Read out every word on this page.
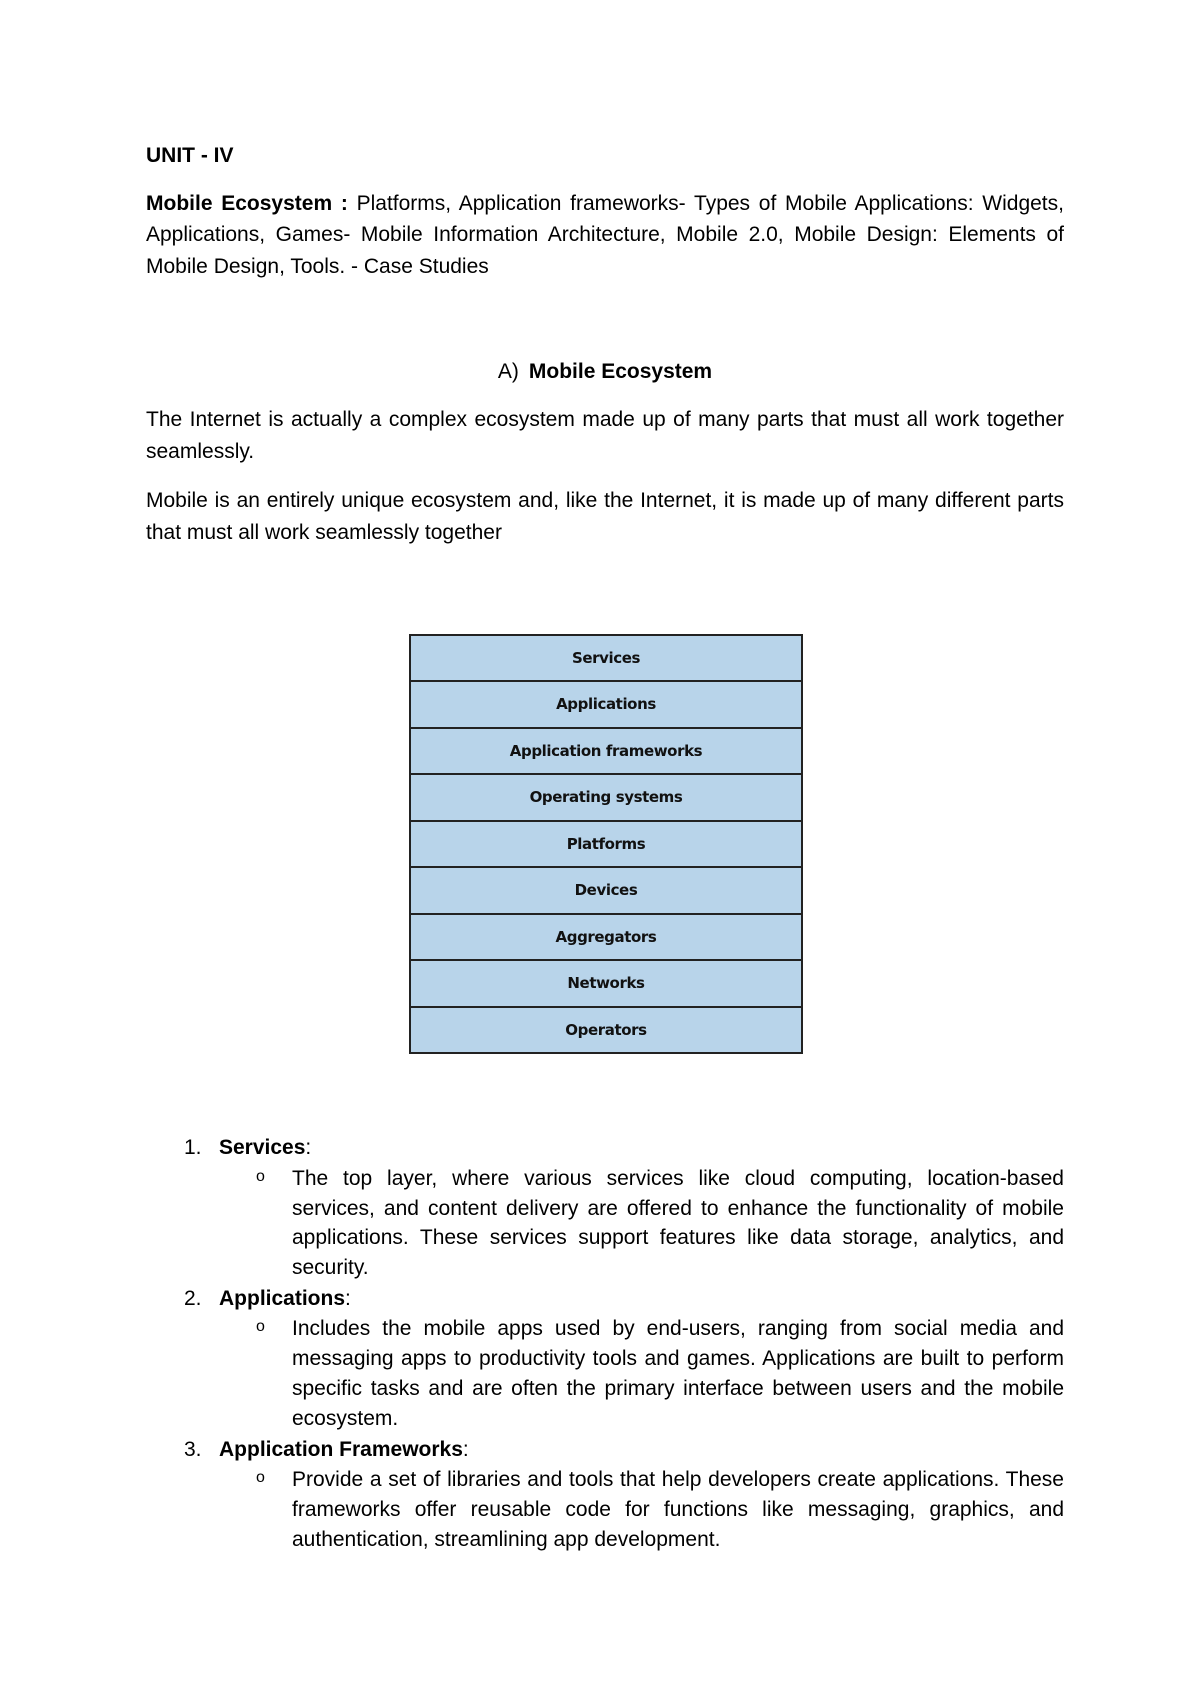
UNIT - IV

Mobile Ecosystem : Platforms, Application frameworks- Types of Mobile Applications: Widgets, Applications, Games- Mobile Information Architecture, Mobile 2.0, Mobile Design: Elements of Mobile Design, Tools. - Case Studies

A) Mobile Ecosystem

The Internet is actually a complex ecosystem made up of many parts that must all work together seamlessly.

Mobile is an entirely unique ecosystem and, like the Internet, it is made up of many different parts that must all work seamlessly together

Services
Applications
Application frameworks
Operating systems
Platforms
Devices
Aggregators
Networks
Operators
1. Services:
o The top layer, where various services like cloud computing, location-based services, and content delivery are offered to enhance the functionality of mobile applications. These services support features like data storage, analytics, and security.
2. Applications:
o Includes the mobile apps used by end-users, ranging from social media and messaging apps to productivity tools and games. Applications are built to perform specific tasks and are often the primary interface between users and the mobile ecosystem.
3. Application Frameworks:
o Provide a set of libraries and tools that help developers create applications. These frameworks offer reusable code for functions like messaging, graphics, and authentication, streamlining app development.
